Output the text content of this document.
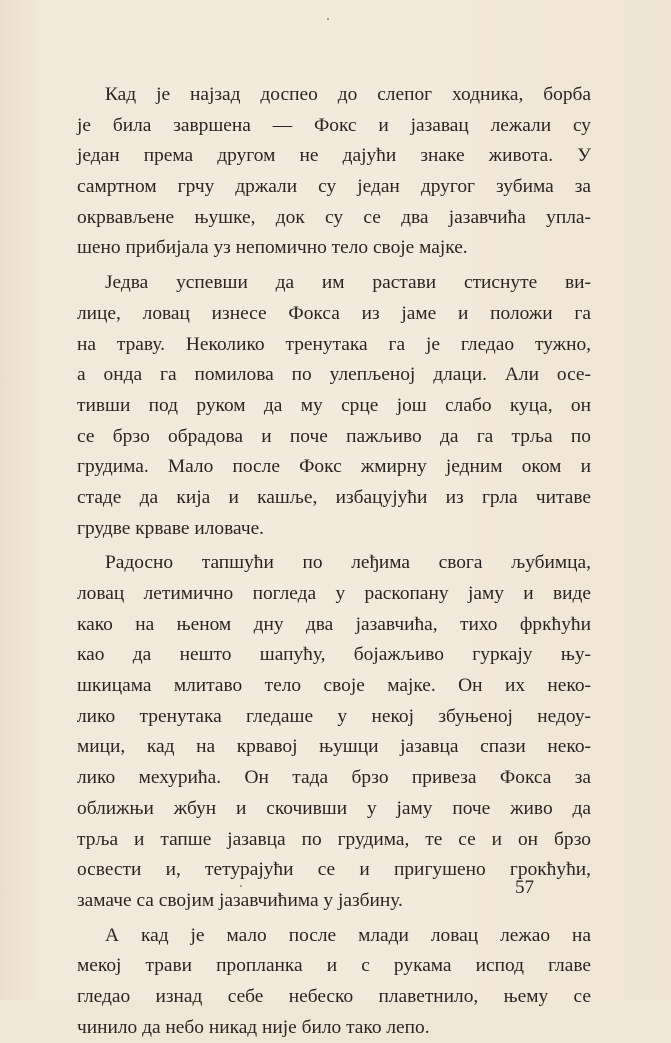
Кад је најзад доспео до слепог ходника, борба
је била завршена — Фокс и јазавац лежали су
један према другом не дајући знаке живота. У
самртном грчу држали су један другог зубима за
окрвављене њушке, док су се два јазавчића упла-
шено прибијала уз непомично тело своје мајке.
Једва успевши да им растави стиснуте ви-
лице, ловац изнесе Фокса из јаме и положи га
на траву. Неколико тренутака га је гледао тужно,
а онда га помилова по улепљеној длаци. Али осе-
тивши под руком да му срце још слабо куца, он
се брзо обрадова и поче пажљиво да га трља по
грудима. Мало после Фокс жмирну једним оком и
стаде да кија и кашље, избацујући из грла читаве
грудве крваве иловаче.
Радосно тапшући по леђима свога љубимца,
ловац летимично погледа у раскопану јаму и виде
како на њеном дну два јазавчића, тихо фркћући
као да нешто шапућу, бојажљиво гуркају њу-
шкицама млитаво тело своје мајке. Он их неко-
лико тренутака гледаше у некој збуњеној недоу-
мици, кад на крвавој њушци јазавца спази неко-
лико мехурића. Он тада брзо привеза Фокса за
оближњи жбун и скочивши у јаму поче живо да
трља и тапше јазавца по грудима, те се и он брзо
освести и, тетурајући се и пригушено грокћући,
замаче са својим јазавчићима у јазбину.
А кад је мало после млади ловац лежао на
мекој трави пропланка и с рукама испод главе
гледао изнад себе небеско плаветнило, њему се
чинило да небо никад није било тако лепо.
57
